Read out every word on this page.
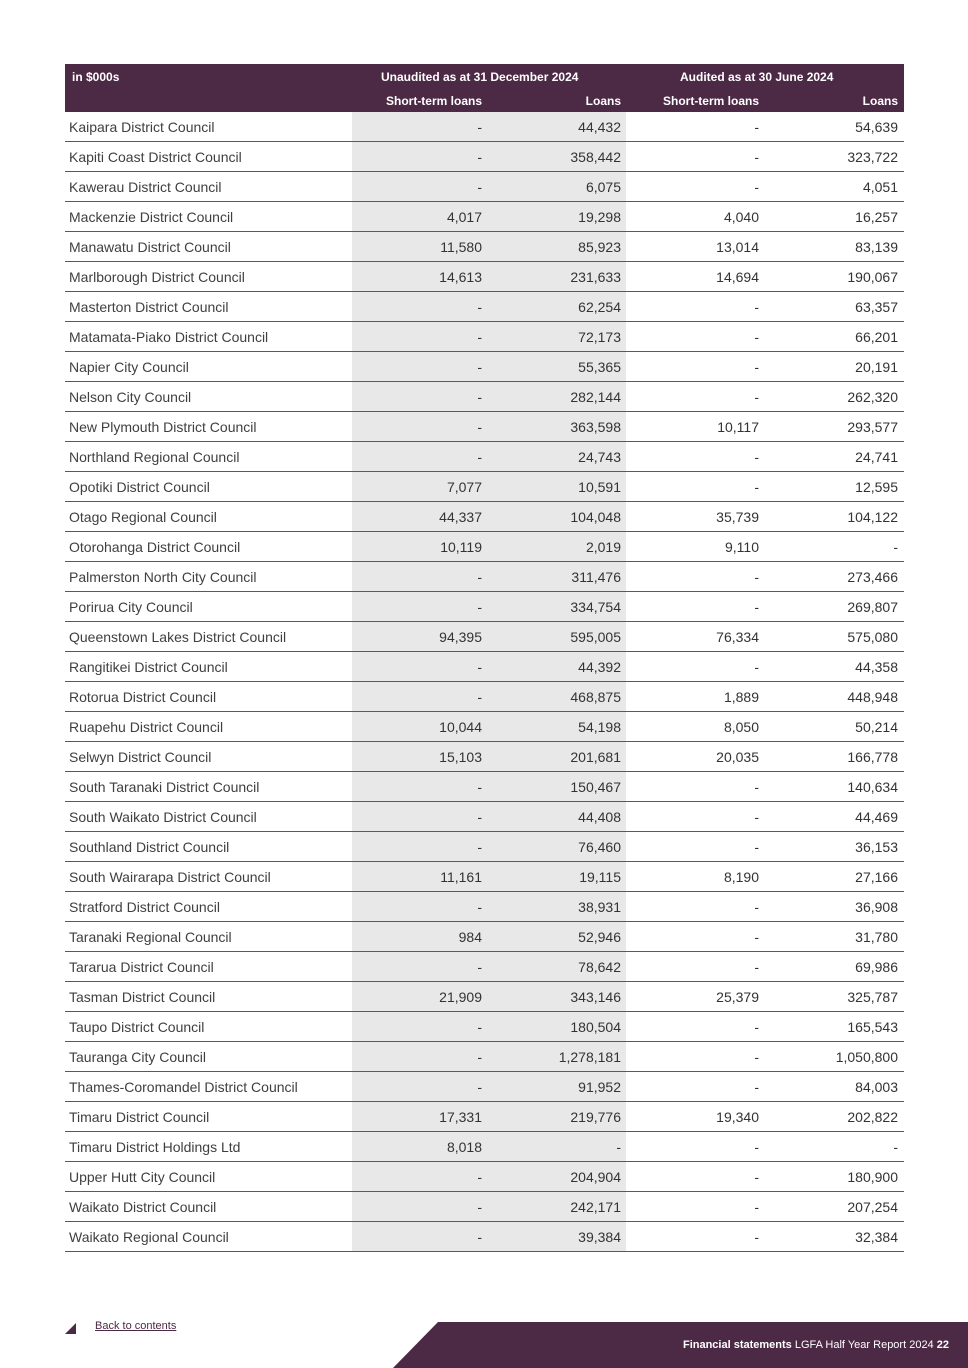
in $000s	Unaudited as at 31 December 2024	Audited as at 30 June 2024
Short-term loans	Loans	Short-term loans	Loans
Kaipara District Council	-	44,432	-	54,639
Kapiti Coast District Council	-	358,442	-	323,722
Kawerau District Council	-	6,075	-	4,051
Mackenzie District Council	4,017	19,298	4,040	16,257
Manawatu District Council	11,580	85,923	13,014	83,139
Marlborough District Council	14,613	231,633	14,694	190,067
Masterton District Council	-	62,254	-	63,357
Matamata-Piako District Council	-	72,173	-	66,201
Napier City Council	-	55,365	-	20,191
Nelson City Council	-	282,144	-	262,320
New Plymouth District Council	-	363,598	10,117	293,577
Northland Regional Council	-	24,743	-	24,741
Opotiki District Council	7,077	10,591	-	12,595
Otago Regional Council	44,337	104,048	35,739	104,122
Otorohanga District Council	10,119	2,019	9,110	-
Palmerston North City Council	-	311,476	-	273,466
Porirua City Council	-	334,754	-	269,807
Queenstown Lakes District Council	94,395	595,005	76,334	575,080
Rangitikei District Council	-	44,392	-	44,358
Rotorua District Council	-	468,875	1,889	448,948
Ruapehu District Council	10,044	54,198	8,050	50,214
Selwyn District Council	15,103	201,681	20,035	166,778
South Taranaki District Council	-	150,467	-	140,634
South Waikato District Council	-	44,408	-	44,469
Southland District Council	-	76,460	-	36,153
South Wairarapa District Council	11,161	19,115	8,190	27,166
Stratford District Council	-	38,931	-	36,908
Taranaki Regional Council	984	52,946	-	31,780
Tararua District Council	-	78,642	-	69,986
Tasman District Council	21,909	343,146	25,379	325,787
Taupo District Council	-	180,504	-	165,543
Tauranga City Council	-	1,278,181	-	1,050,800
Thames-Coromandel District Council	-	91,952	-	84,003
Timaru District Council	17,331	219,776	19,340	202,822
Timaru District Holdings Ltd	8,018	-	-	-
Upper Hutt City Council	-	204,904	-	180,900
Waikato District Council	-	242,171	-	207,254
Waikato Regional Council	-	39,384	-	32,384
Back to contents
Financial statements LGFA Half Year Report 2024 22
